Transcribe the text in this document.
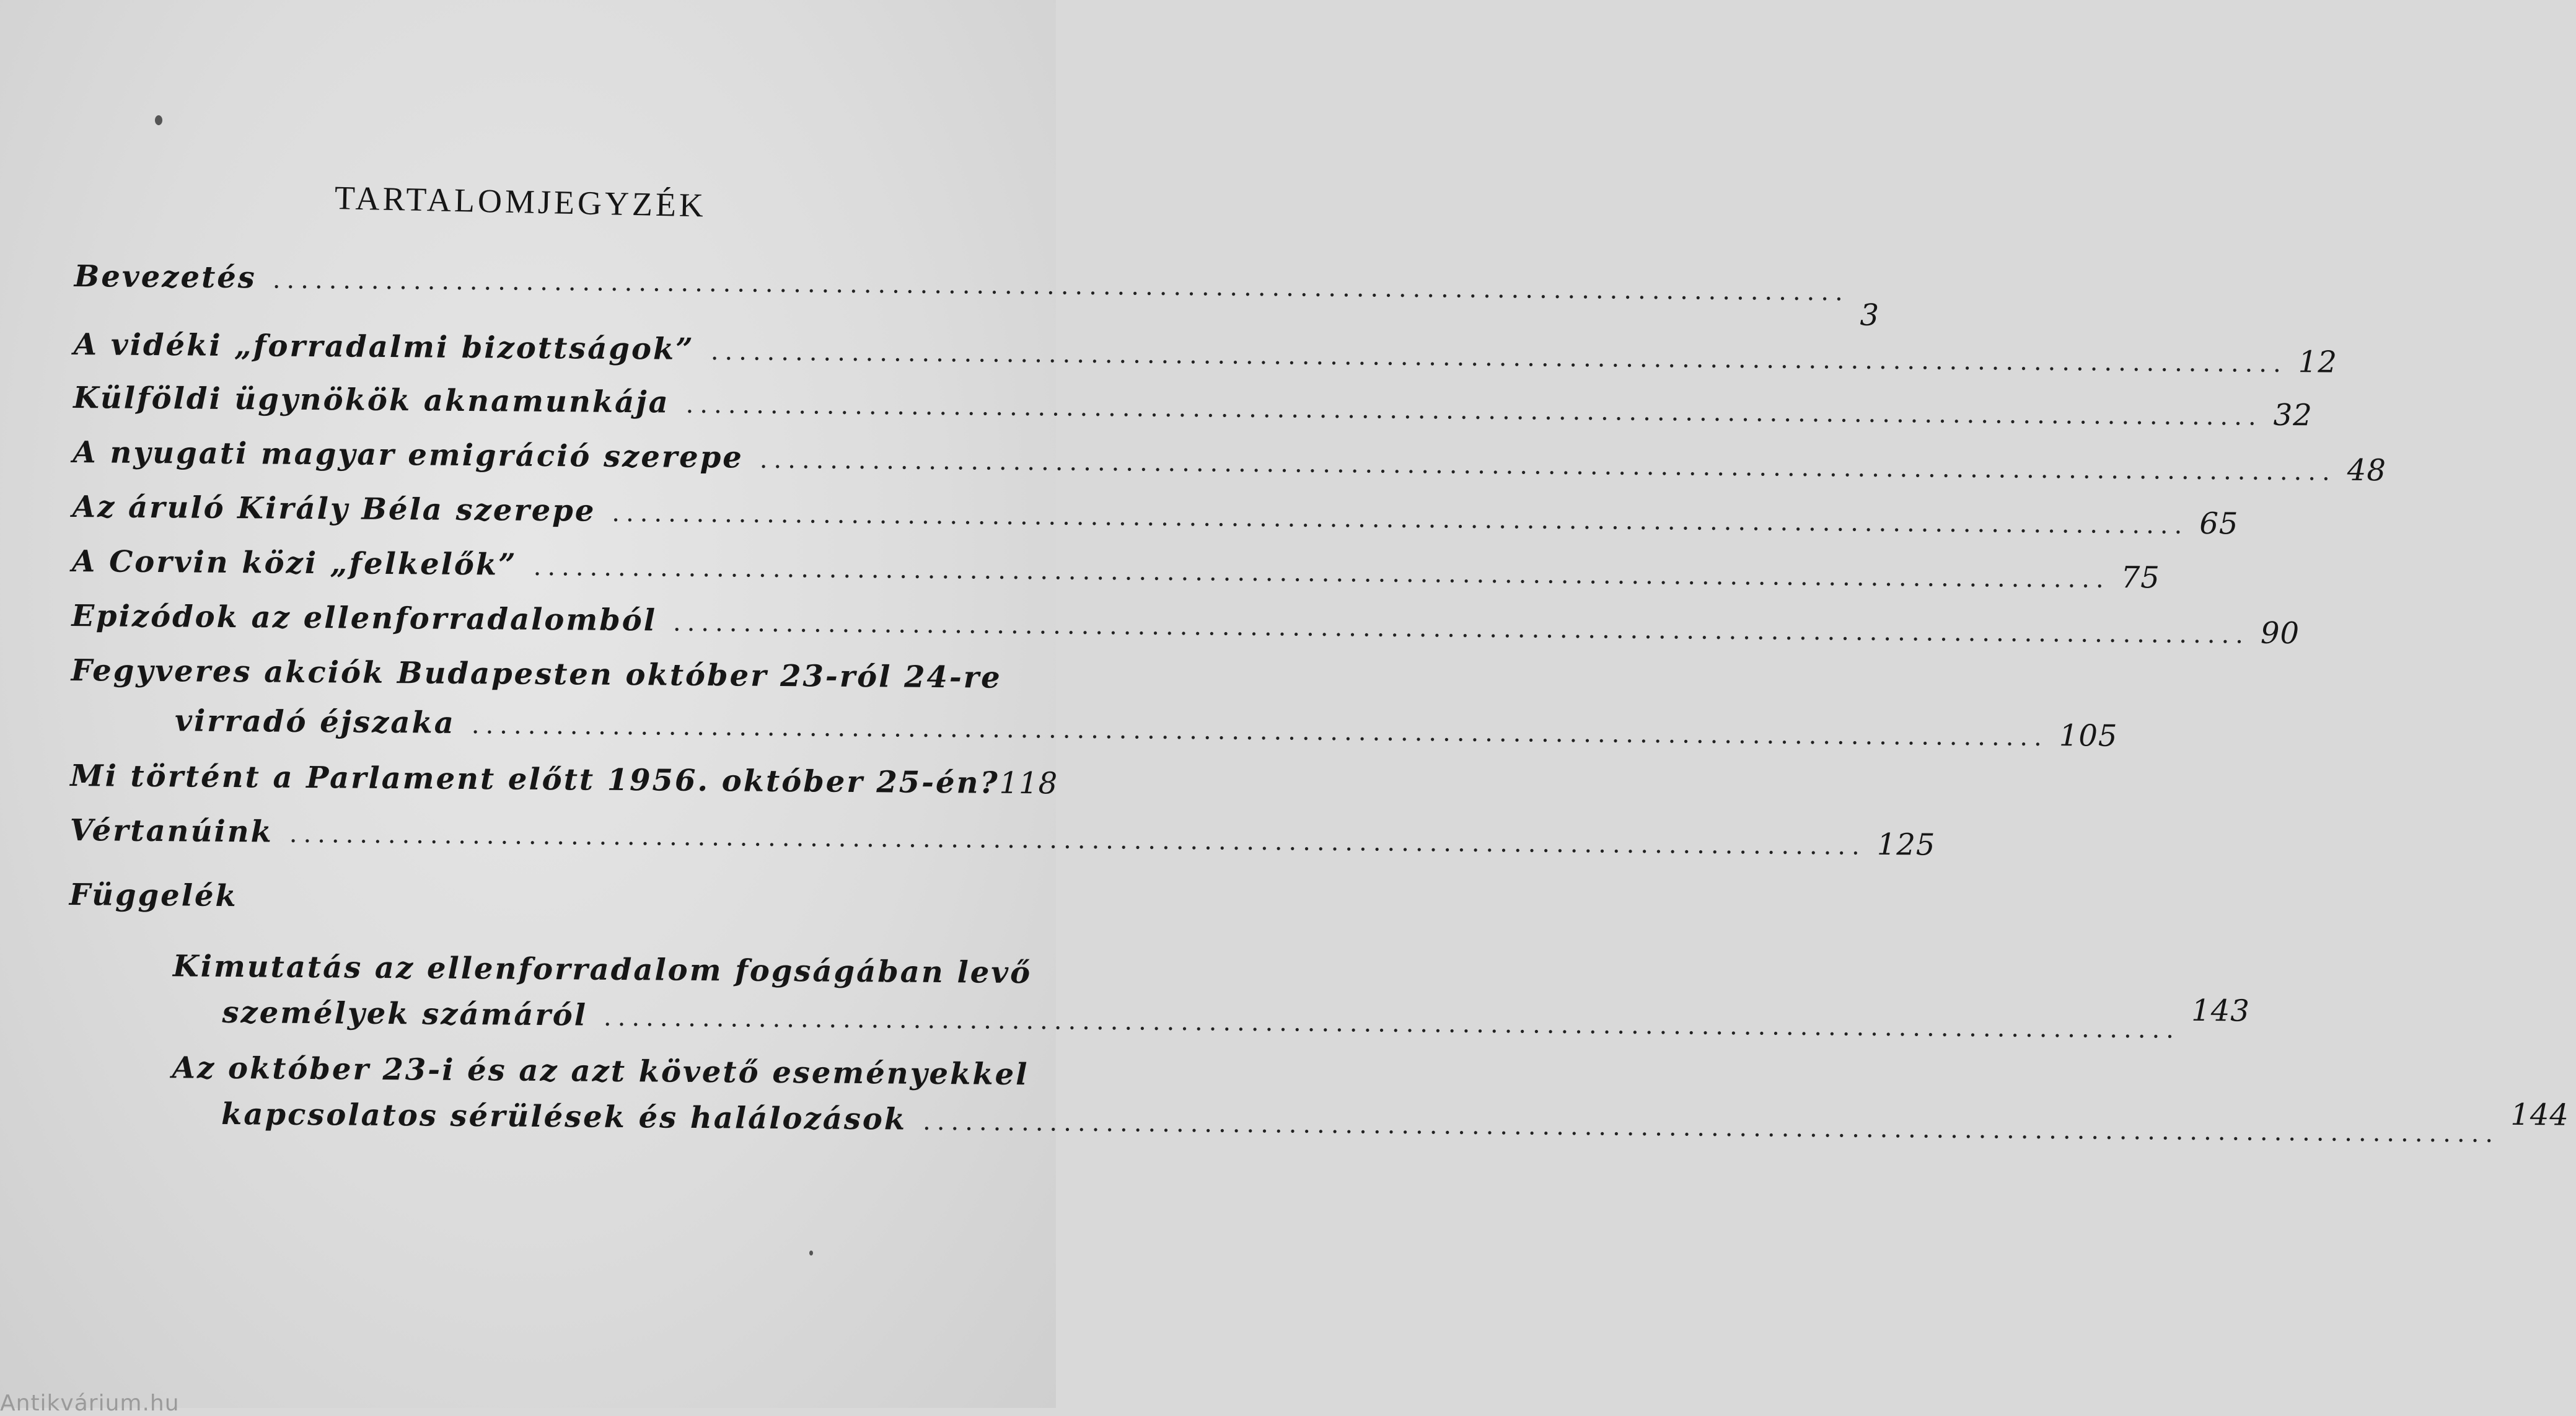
TARTALOMJEGYZÉK
Bevezetés ................................................................................................................
3
A vidéki „forradalmi bizottságok” ................................................................................................................ 12
Külföldi ügynökök aknamunkája ................................................................................................................ 32
A nyugati magyar emigráció szerepe ................................................................................................................ 48
Az áruló Király Béla szerepe ................................................................................................................ 65
A Corvin közi „felkelők” ................................................................................................................ 75
Epizódok az ellenforradalomból ................................................................................................................ 90
Fegyveres akciók Budapesten október 23-ról 24-re
virradó éjszaka ................................................................................................................ 105
Mi történt a Parlament előtt 1956. október 25-én? 118
Vértanúink ................................................................................................................ 125
Függelék
Kimutatás az ellenforradalom fogságában levő
személyek számáról ................................................................................................................ 143
Az október 23-i és az azt követő eseményekkel
kapcsolatos sérülések és halálozások ................................................................................................................ 144
Antikvárium.hu
